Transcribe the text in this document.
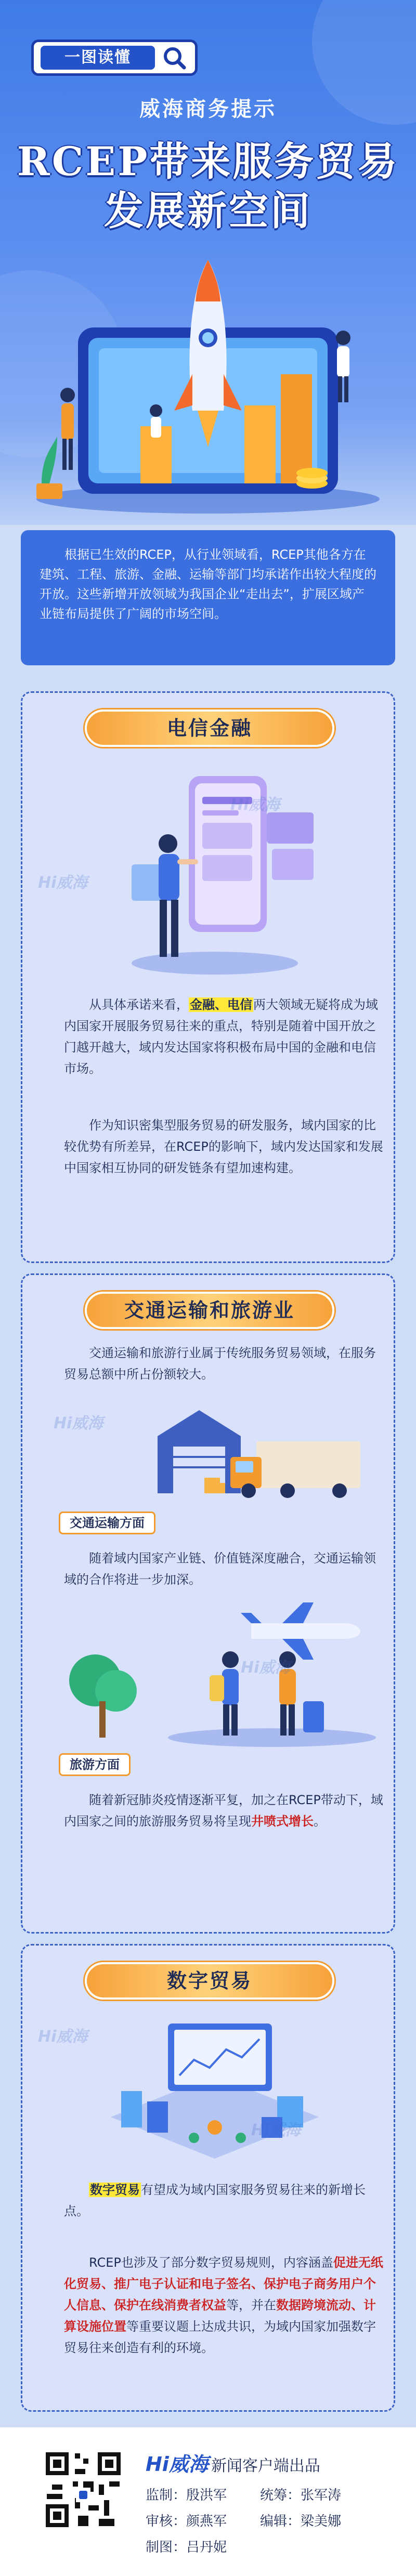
一图读懂
威海商务提示
RCEP带来服务贸易
发展新空间
根据已生效的RCEP，从行业领域看，RCEP其他各方在建筑、工程、旅游、金融、运输等部门均承诺作出较大程度的开放。这些新增开放领域为我国企业“走出去”，扩展区域产业链布局提供了广阔的市场空间。
电信金融
Hi威海
Hi威海
从具体承诺来看，金融、电信两大领域无疑将成为域内国家开展服务贸易往来的重点，特别是随着中国开放之门越开越大，域内发达国家将积极布局中国的金融和电信市场。
作为知识密集型服务贸易的研发服务，域内国家的比较优势有所差异，在RCEP的影响下，域内发达国家和发展中国家相互协同的研发链条有望加速构建。
交通运输和旅游业
交通运输和旅游行业属于传统服务贸易领域，在服务贸易总额中所占份额较大。
Hi威海
交通运输方面
随着域内国家产业链、价值链深度融合，交通运输领域的合作将进一步加深。
Hi威海
旅游方面
随着新冠肺炎疫情逐渐平复，加之在RCEP带动下，域内国家之间的旅游服务贸易将呈现井喷式增长。
数字贸易
Hi威海
Hi威海
数字贸易有望成为域内国家服务贸易往来的新增长点。
RCEP也涉及了部分数字贸易规则，内容涵盖促进无纸化贸易、推广电子认证和电子签名、保护电子商务用户个人信息、保护在线消费者权益等，并在数据跨境流动、计算设施位置等重要议题上达成共识，为域内国家加强数字贸易往来创造有利的环境。
Hi威海 新闻客户端出品
监制：殷洪军 统筹：张军涛
审核：颜燕军 编辑：梁美娜
制图：吕丹妮
